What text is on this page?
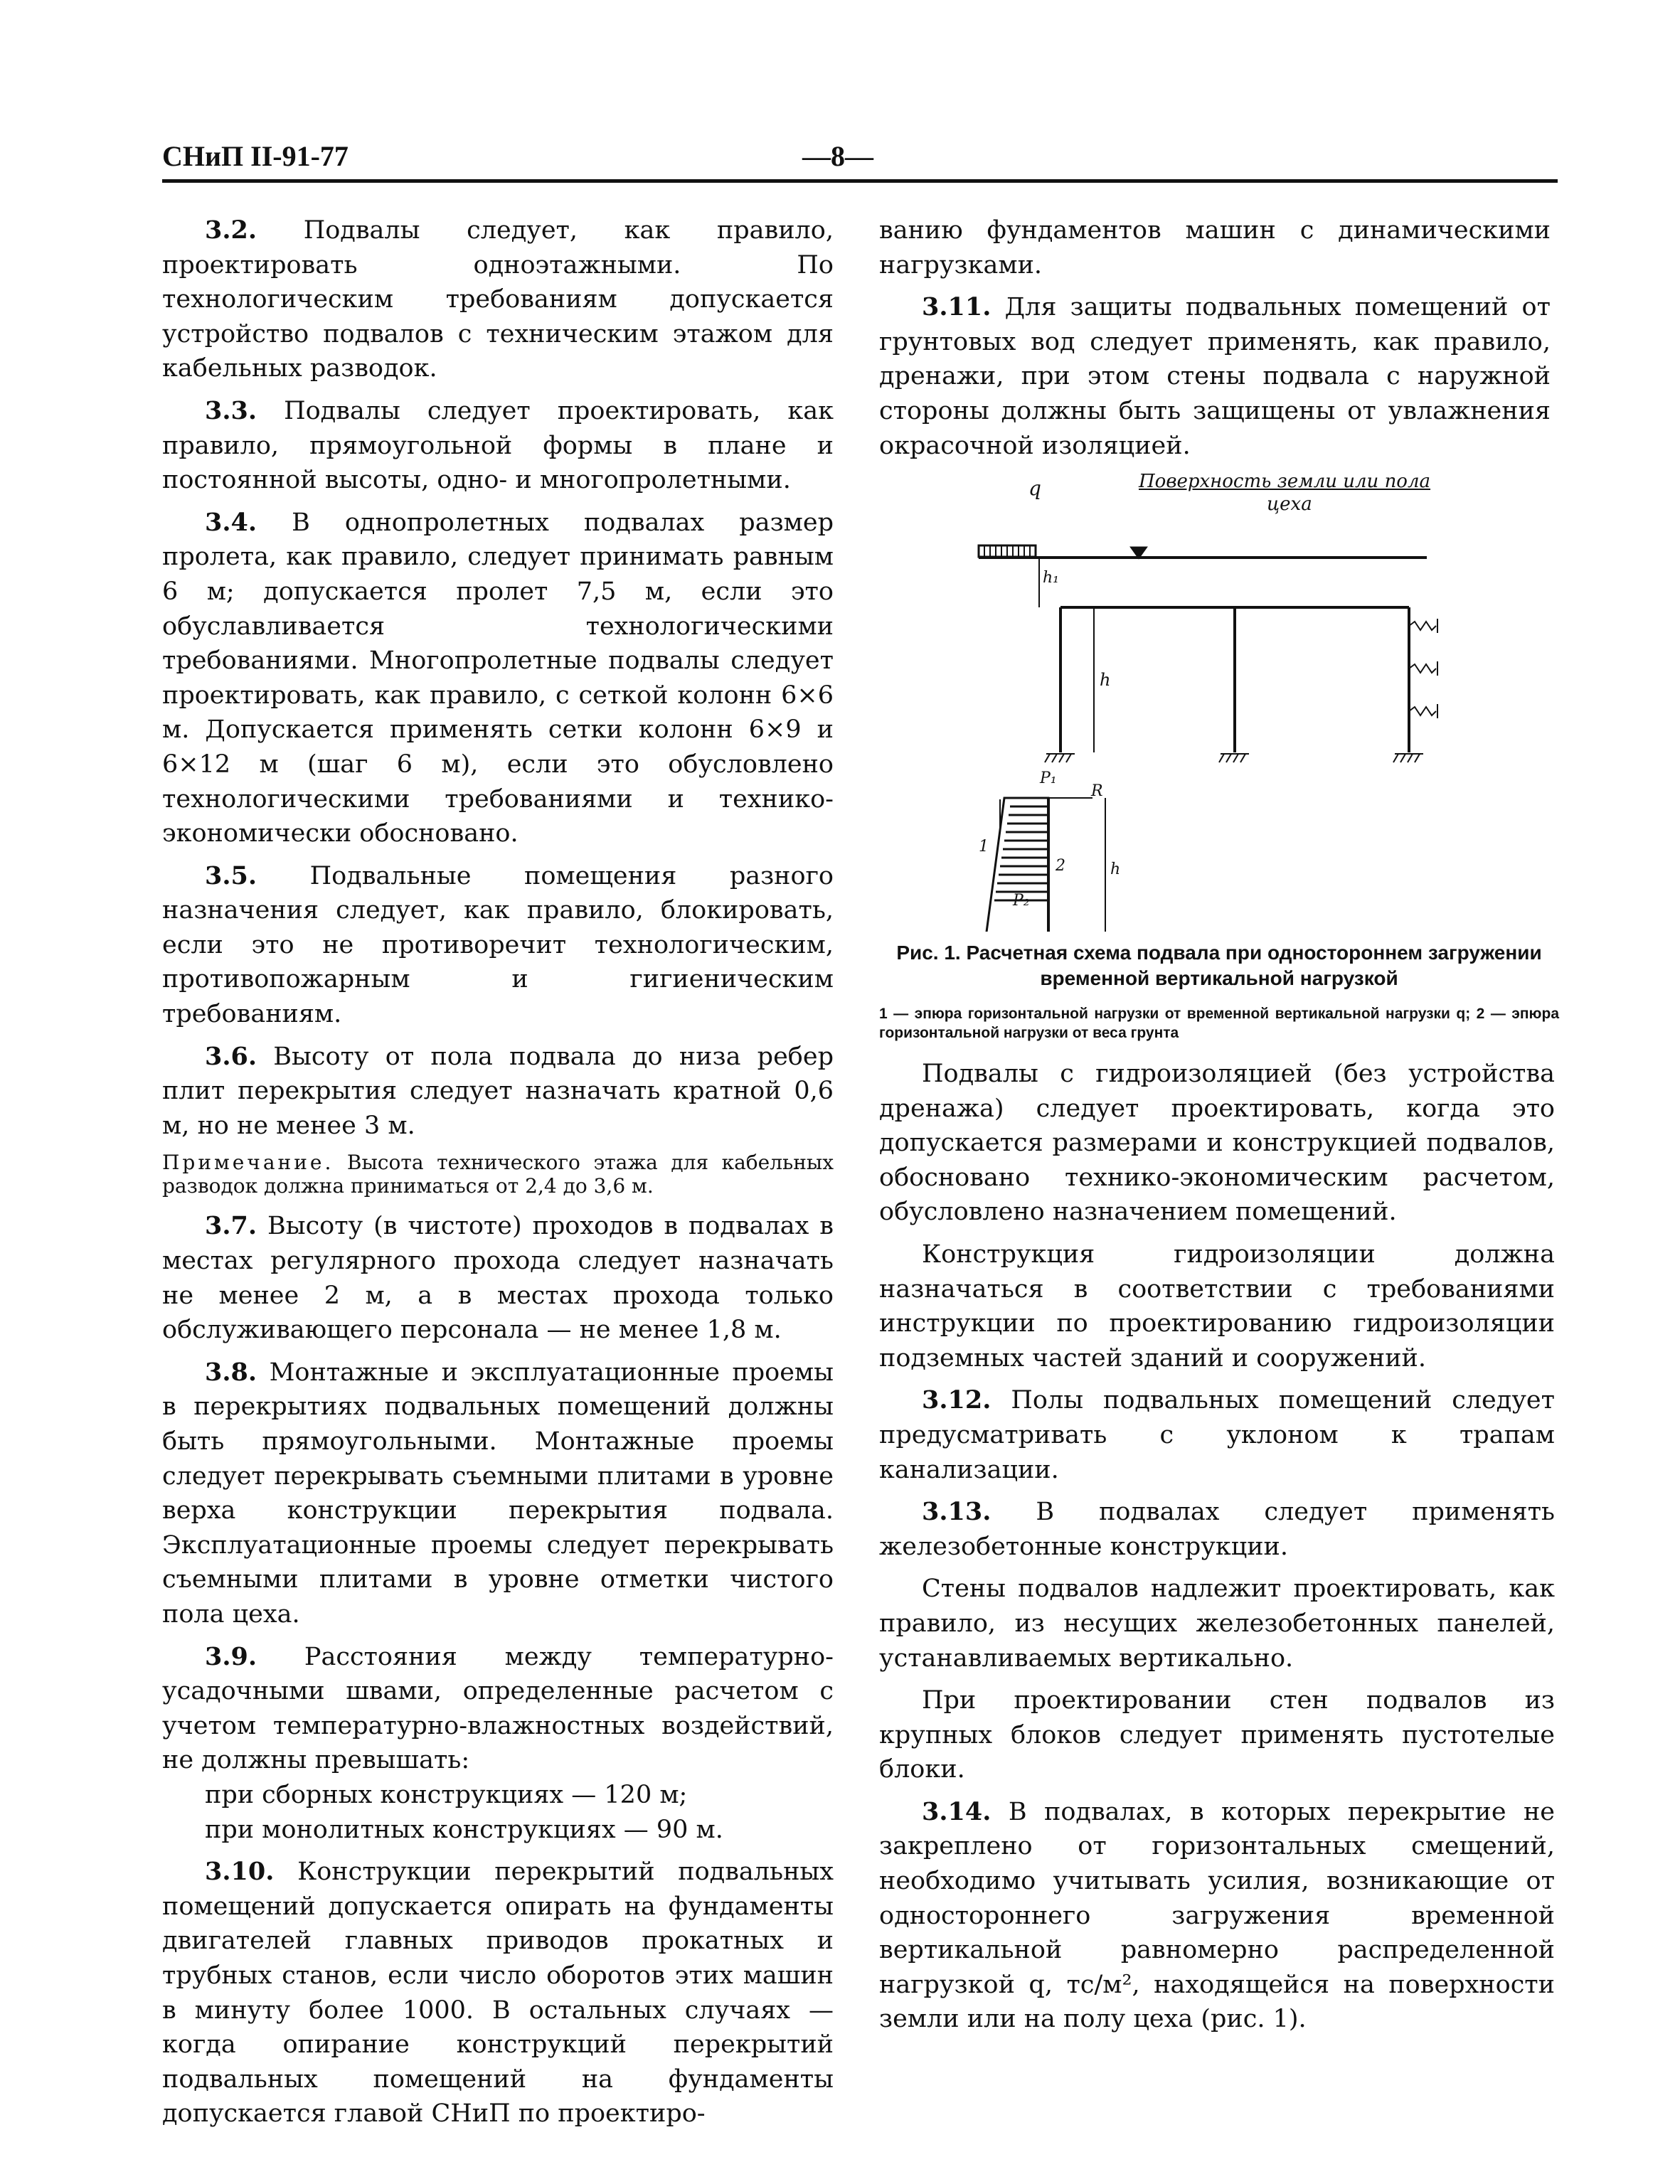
СНиП II-91-77	—8—

3.2. Подвалы следует, как правило, проектировать одноэтажными. По технологическим требованиям допускается устройство подвалов с техническим этажом для кабельных разводок.

3.3. Подвалы следует проектировать, как правило, прямоугольной формы в плане и постоянной высоты, одно- и многопролетными.

3.4. В однопролетных подвалах размер пролета, как правило, следует принимать равным 6 м; допускается пролет 7,5 м, если это обуславливается технологическими требованиями. Многопролетные подвалы следует проектировать, как правило, с сеткой колонн 6×6 м. Допускается применять сетки колонн 6×9 и 6×12 м (шаг 6 м), если это обусловлено технологическими требованиями и технико-экономически обосновано.

3.5. Подвальные помещения разного назначения следует, как правило, блокировать, если это не противоречит технологическим, противопожарным и гигиеническим требованиям.

3.6. Высоту от пола подвала до низа ребер плит перекрытия следует назначать кратной 0,6 м, но не менее 3 м.

Примечание. Высота технического этажа для кабельных разводок должна приниматься от 2,4 до 3,6 м.

3.7. Высоту (в чистоте) проходов в подвалах в местах регулярного прохода следует назначать не менее 2 м, а в местах прохода только обслуживающего персонала — не менее 1,8 м.

3.8. Монтажные и эксплуатационные проемы в перекрытиях подвальных помещений должны быть прямоугольными. Монтажные проемы следует перекрывать съемными плитами в уровне верха конструкции перекрытия подвала. Эксплуатационные проемы следует перекрывать съемными плитами в уровне отметки чистого пола цеха.

3.9. Расстояния между температурно-усадочными швами, определенные расчетом с учетом температурно-влажностных воздействий, не должны превышать:

при сборных конструкциях — 120 м;

при монолитных конструкциях — 90 м.

3.10. Конструкции перекрытий подвальных помещений допускается опирать на фундаменты двигателей главных приводов прокатных и трубных станов, если число оборотов этих машин в минуту более 1000. В остальных случаях — когда опирание конструкций перекрытий подвальных помещений на фундаменты допускается главой СНиП по проектиро-

ванию фундаментов машин с динамическими нагрузками.

3.11. Для защиты подвальных помещений от грунтовых вод следует применять, как правило, дренажи, при этом стены подвала с наружной стороны должны быть защищены от увлажнения окрасочной изоляцией.

q	Поверхность земли или пола
цеха
h₁
h
P₁
R
1
2	h
P₂
Рис. 1. Расчетная схема подвала при одностороннем загружении временной вертикальной нагрузкой
1 — эпюра горизонтальной нагрузки от временной вертикальной нагрузки q; 2 — эпюра горизонтальной нагрузки от веса грунта

Подвалы с гидроизоляцией (без устройства дренажа) следует проектировать, когда это допускается размерами и конструкцией подвалов, обосновано технико-экономическим расчетом, обусловлено назначением помещений.

Конструкция гидроизоляции должна назначаться в соответствии с требованиями инструкции по проектированию гидроизоляции подземных частей зданий и сооружений.

3.12. Полы подвальных помещений следует предусматривать с уклоном к трапам канализации.

3.13. В подвалах следует применять железобетонные конструкции.

Стены подвалов надлежит проектировать, как правило, из несущих железобетонных панелей, устанавливаемых вертикально.

При проектировании стен подвалов из крупных блоков следует применять пустотелые блоки.

3.14. В подвалах, в которых перекрытие не закреплено от горизонтальных смещений, необходимо учитывать усилия, возникающие от одностороннего загружения временной вертикальной равномерно распределенной нагрузкой q, тс/м², находящейся на поверхности земли или на полу цеха (рис. 1).
